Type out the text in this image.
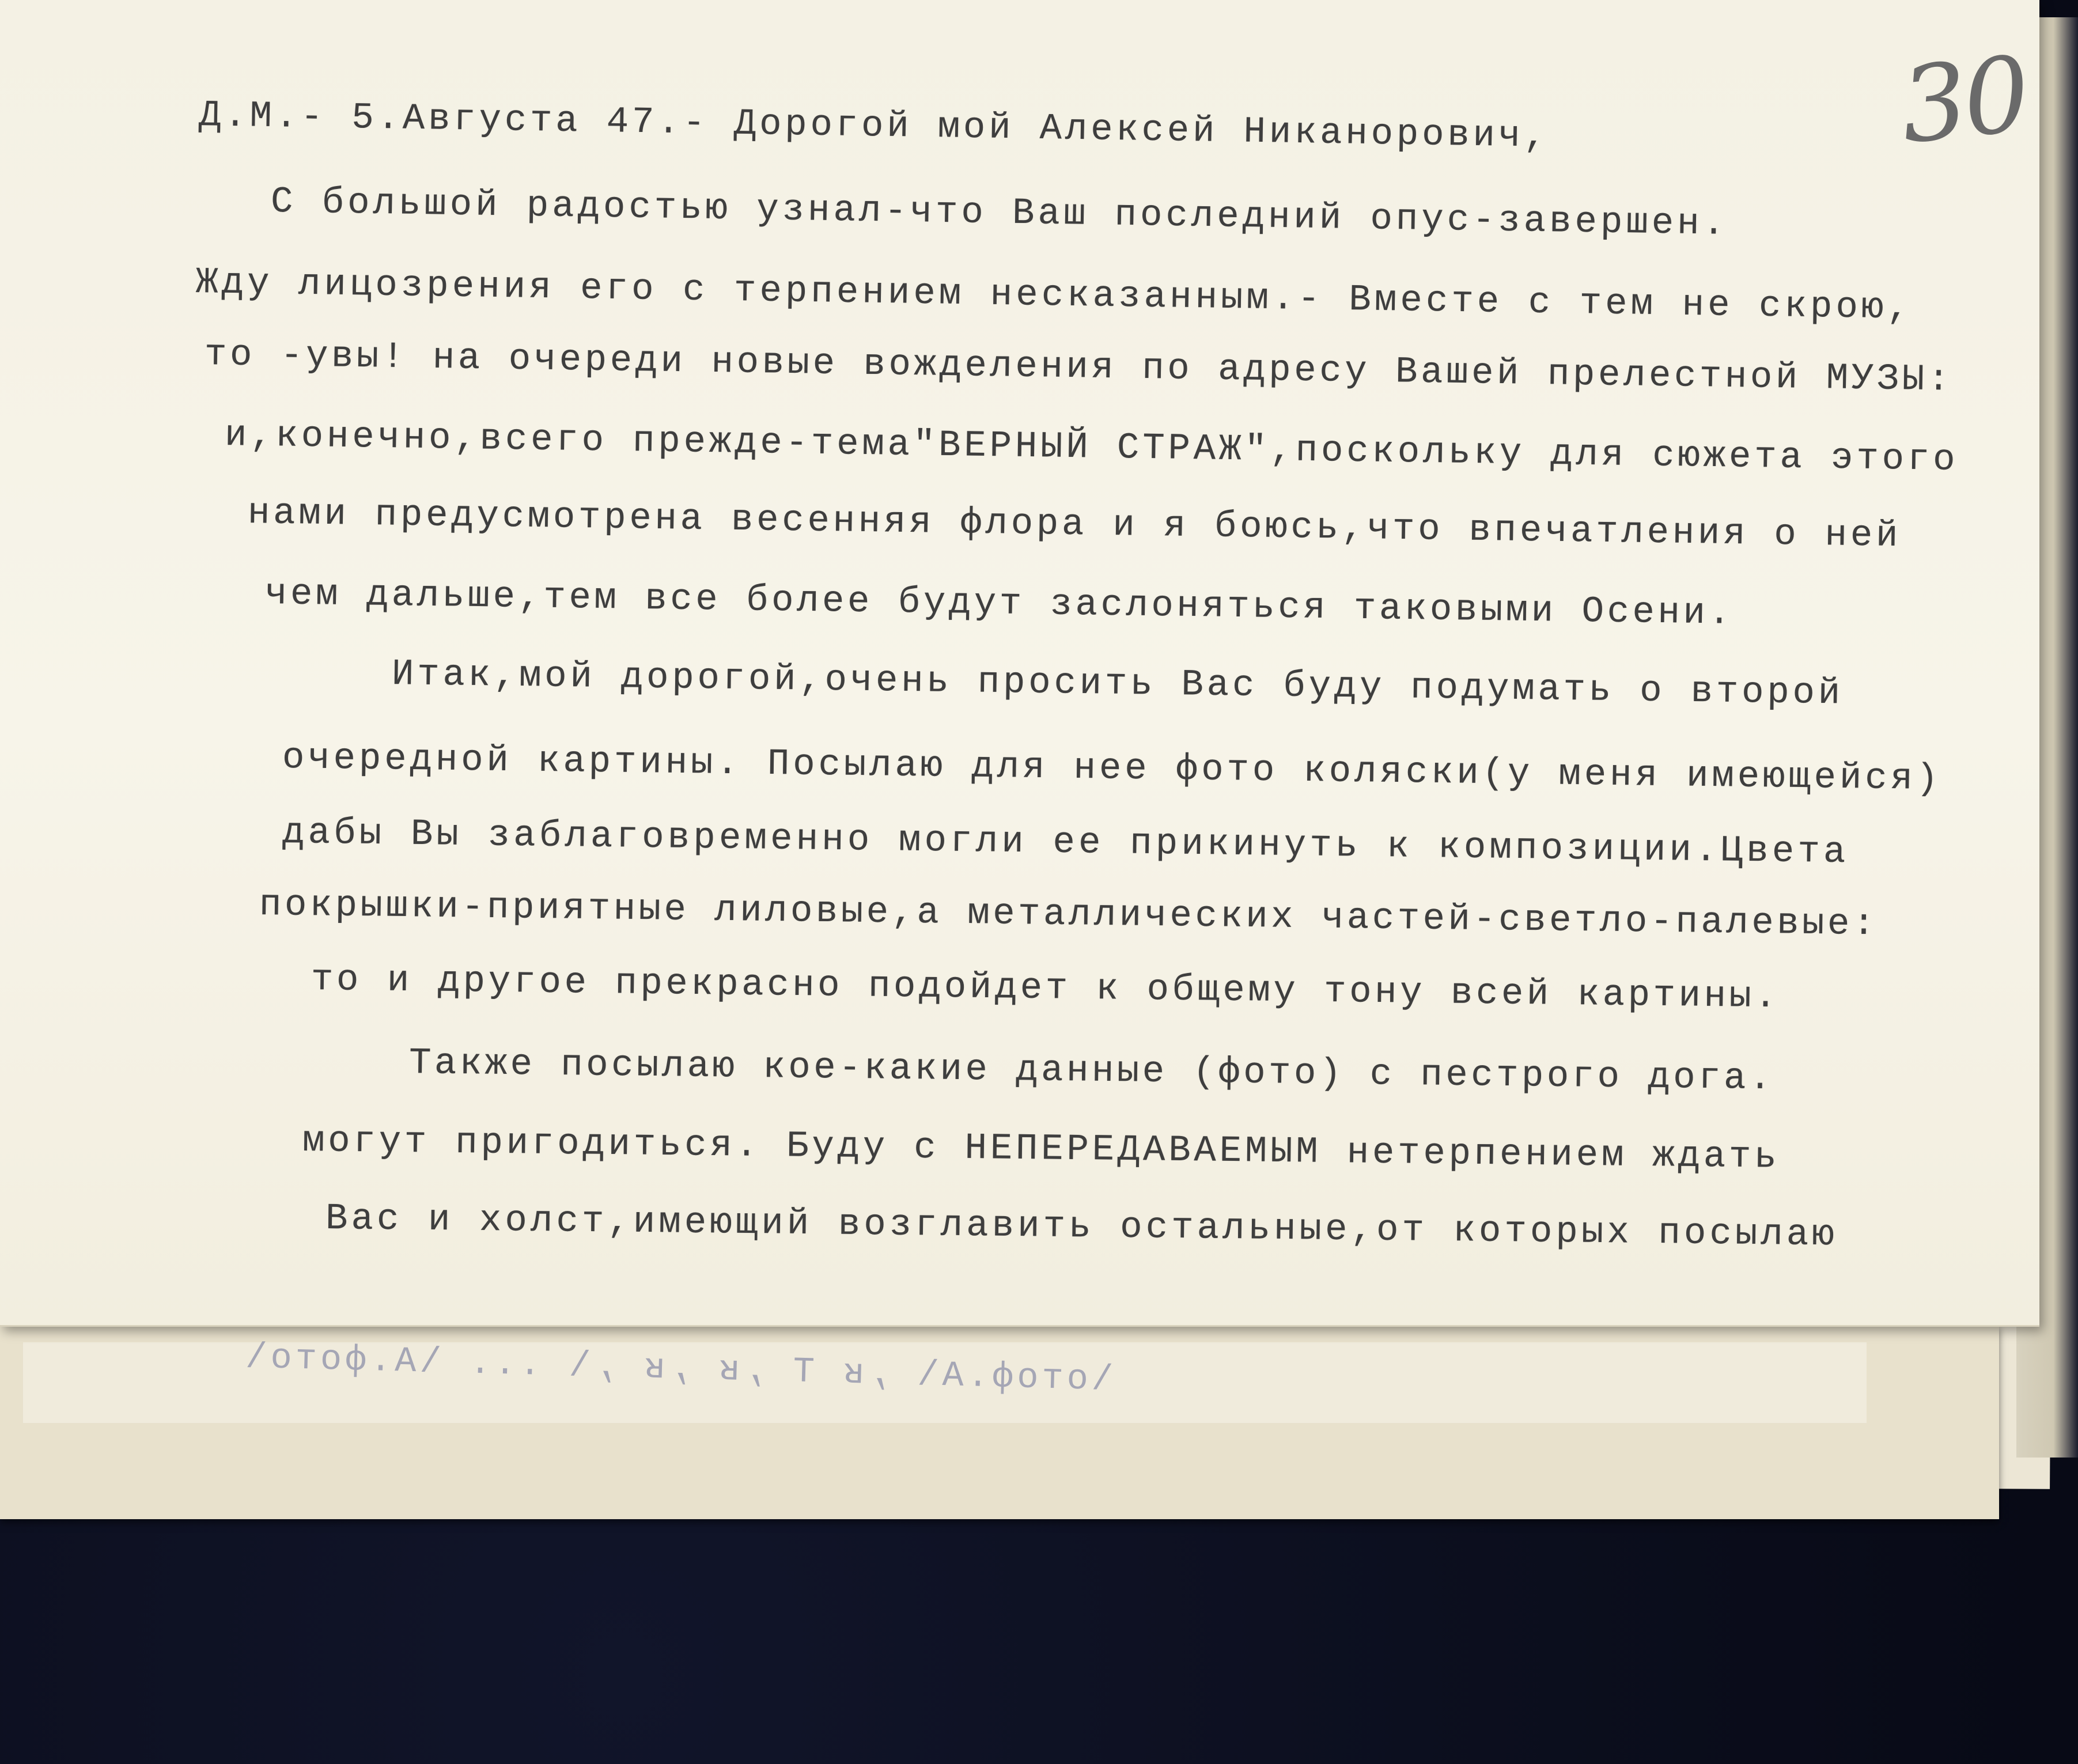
\отоф.А\ ,ʁ Т ,ʁ ,ʁ ,\ ... \А.фото\
30
Д.М.- 5.Августа 47.- Дорогой мой Алексей Никанорович,
С большой радостью узнал-что Ваш последний опус-завершен.
Жду лицозрения его с терпением несказанным.- Вместе с тем не скрою,
то -увы! на очереди новые вожделения по адресу Вашей прелестной МУЗЫ:
и,конечно,всего прежде-тема"ВЕРНЫЙ СТРАЖ",поскольку для сюжета этого
нами предусмотрена весенняя флора и я боюсь,что впечатления о ней
чем дальше,тем все более будут заслоняться таковыми Осени.
Итак,мой дорогой,очень просить Вас буду подумать о второй
очередной картины. Посылаю для нее фото коляски(у меня имеющейся)
дабы Вы заблаговременно могли ее прикинуть к композиции.Цвета
покрышки-приятные лиловые,а металлических частей-светло-палевые:
то и другое прекрасно подойдет к общему тону всей картины.
Также посылаю кое-какие данные (фото) с пестрого дога.
могут пригодиться. Буду с НЕПЕРЕДАВАЕМЫМ нетерпением ждать
Вас и холст,имеющий возглавить остальные,от которых посылаю
